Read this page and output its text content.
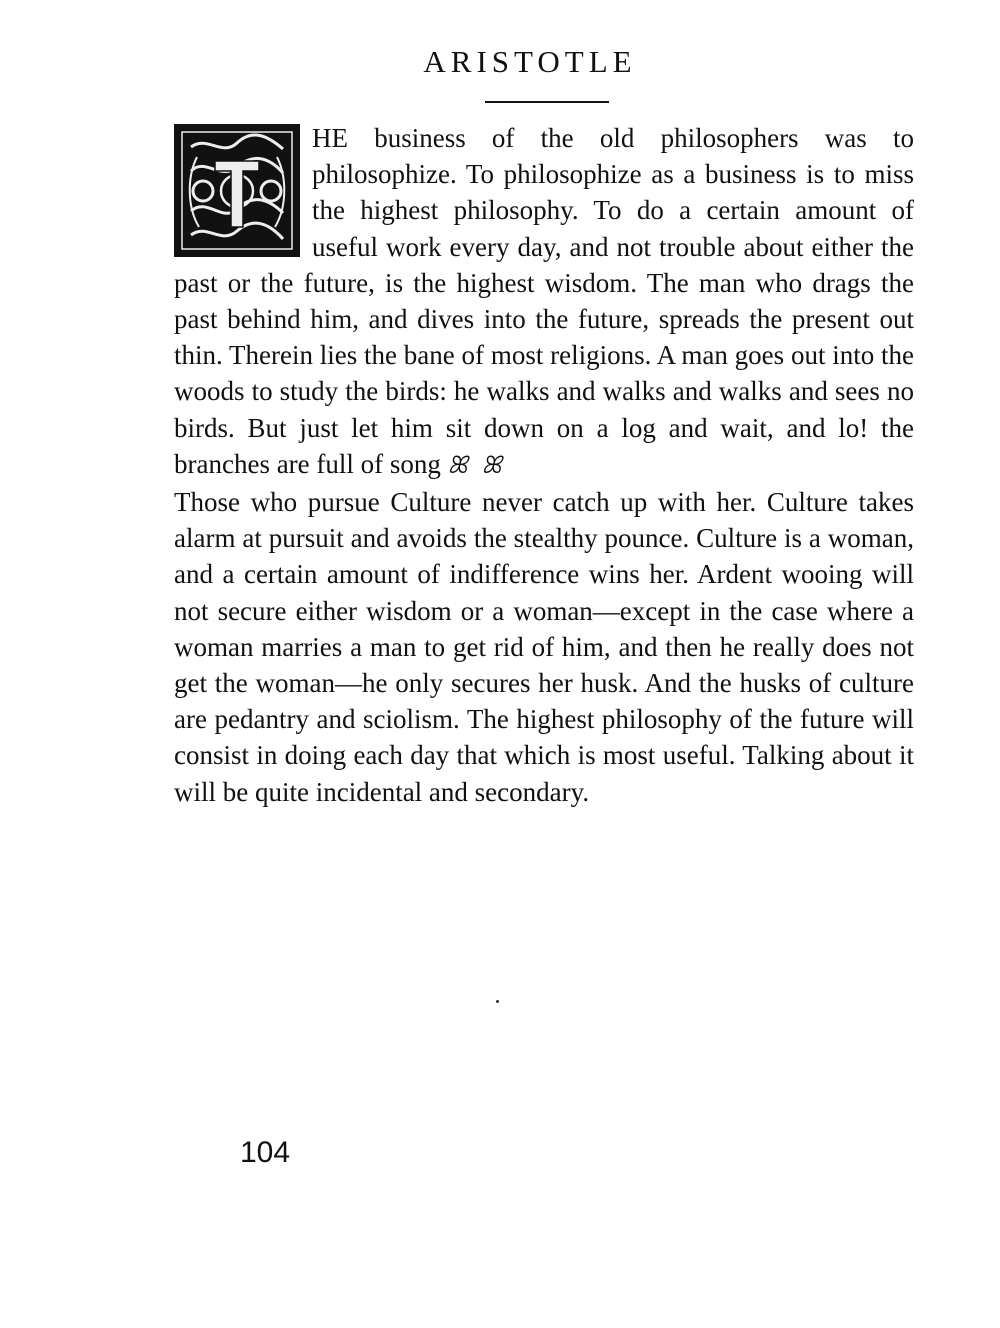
ARISTOTLE

HE business of the old philosophers was to philosophize. To philosophize as a business is to miss the highest philosophy. To do a certain amount of useful work every day, and not trouble about either the past or the future, is the highest wisdom. The man who drags the past behind him, and dives into the future, spreads the present out thin. Therein lies the bane of most religions. A man goes out into the woods to study the birds: he walks and walks and walks and sees no birds. But just let him sit down on a log and wait, and lo! the branches are full of song ꕤ ꕤ

Those who pursue Culture never catch up with her. Culture takes alarm at pursuit and avoids the stealthy pounce. Culture is a woman, and a certain amount of indifference wins her. Ardent wooing will not secure either wisdom or a woman—except in the case where a woman marries a man to get rid of him, and then he really does not get the woman—he only secures her husk. And the husks of culture are pedantry and sciolism. The highest philosophy of the future will consist in doing each day that which is most useful. Talking about it will be quite incidental and secondary.

104
